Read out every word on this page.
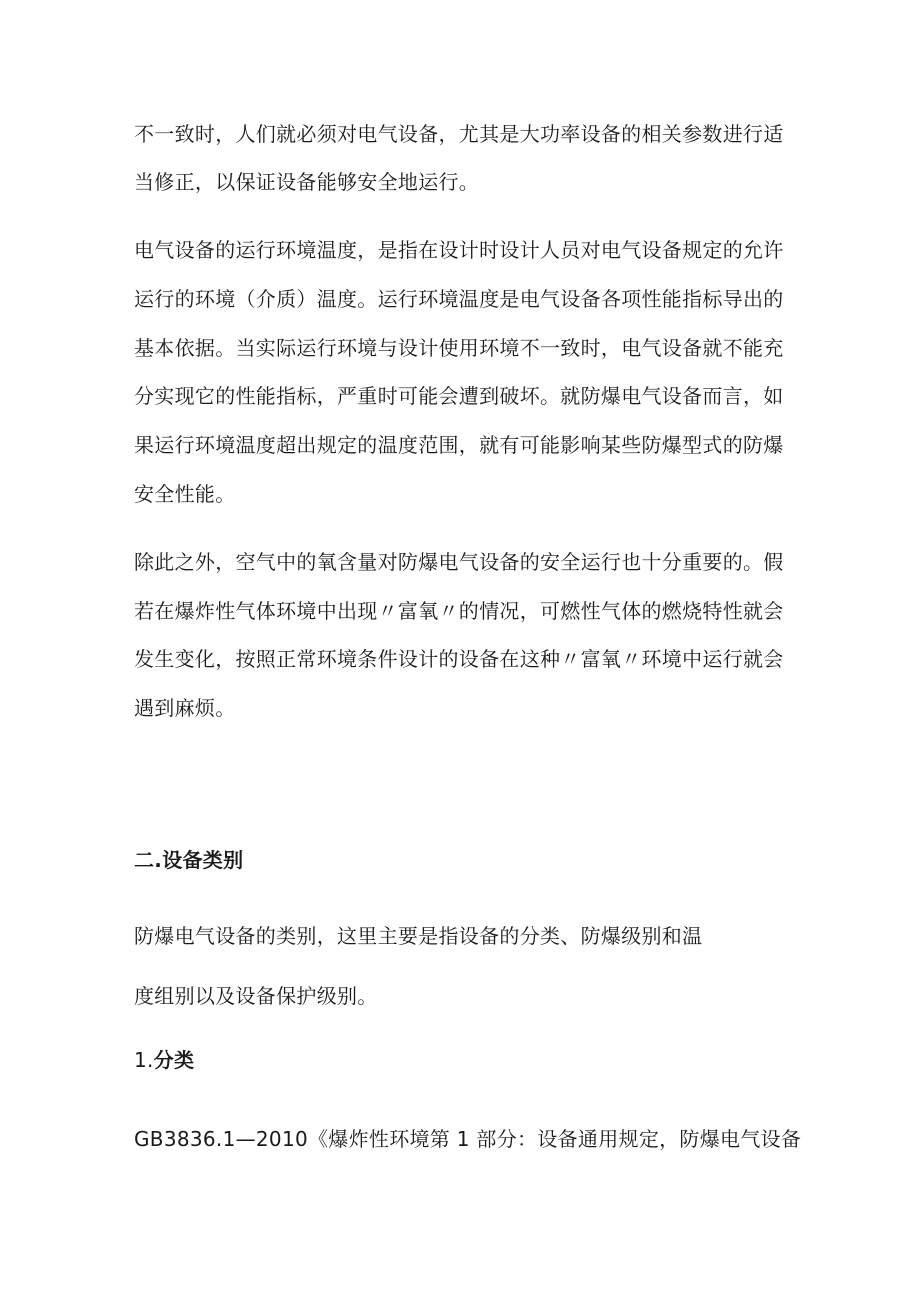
不一致时，人们就必须对电气设备，尤其是大功率设备的相关参数进行适
当修正，以保证设备能够安全地运行。
电气设备的运行环境温度，是指在设计时设计人员对电气设备规定的允许
运行的环境（介质）温度。运行环境温度是电气设备各项性能指标导出的
基本依据。当实际运行环境与设计使用环境不一致时，电气设备就不能充
分实现它的性能指标，严重时可能会遭到破坏。就防爆电气设备而言，如
果运行环境温度超出规定的温度范围，就有可能影响某些防爆型式的防爆
安全性能。
除此之外，空气中的氧含量对防爆电气设备的安全运行也十分重要的。假
若在爆炸性气体环境中出现〃富氧〃的情况，可燃性气体的燃烧特性就会
发生变化，按照正常环境条件设计的设备在这种〃富氧〃环境中运行就会
遇到麻烦。
二.设备类别
防爆电气设备的类别，这里主要是指设备的分类、防爆级别和温
度组别以及设备保护级别。
1.分类
GB3836.1—2010《爆炸性环境第 1 部分：设备通用规定，防爆电气设备
